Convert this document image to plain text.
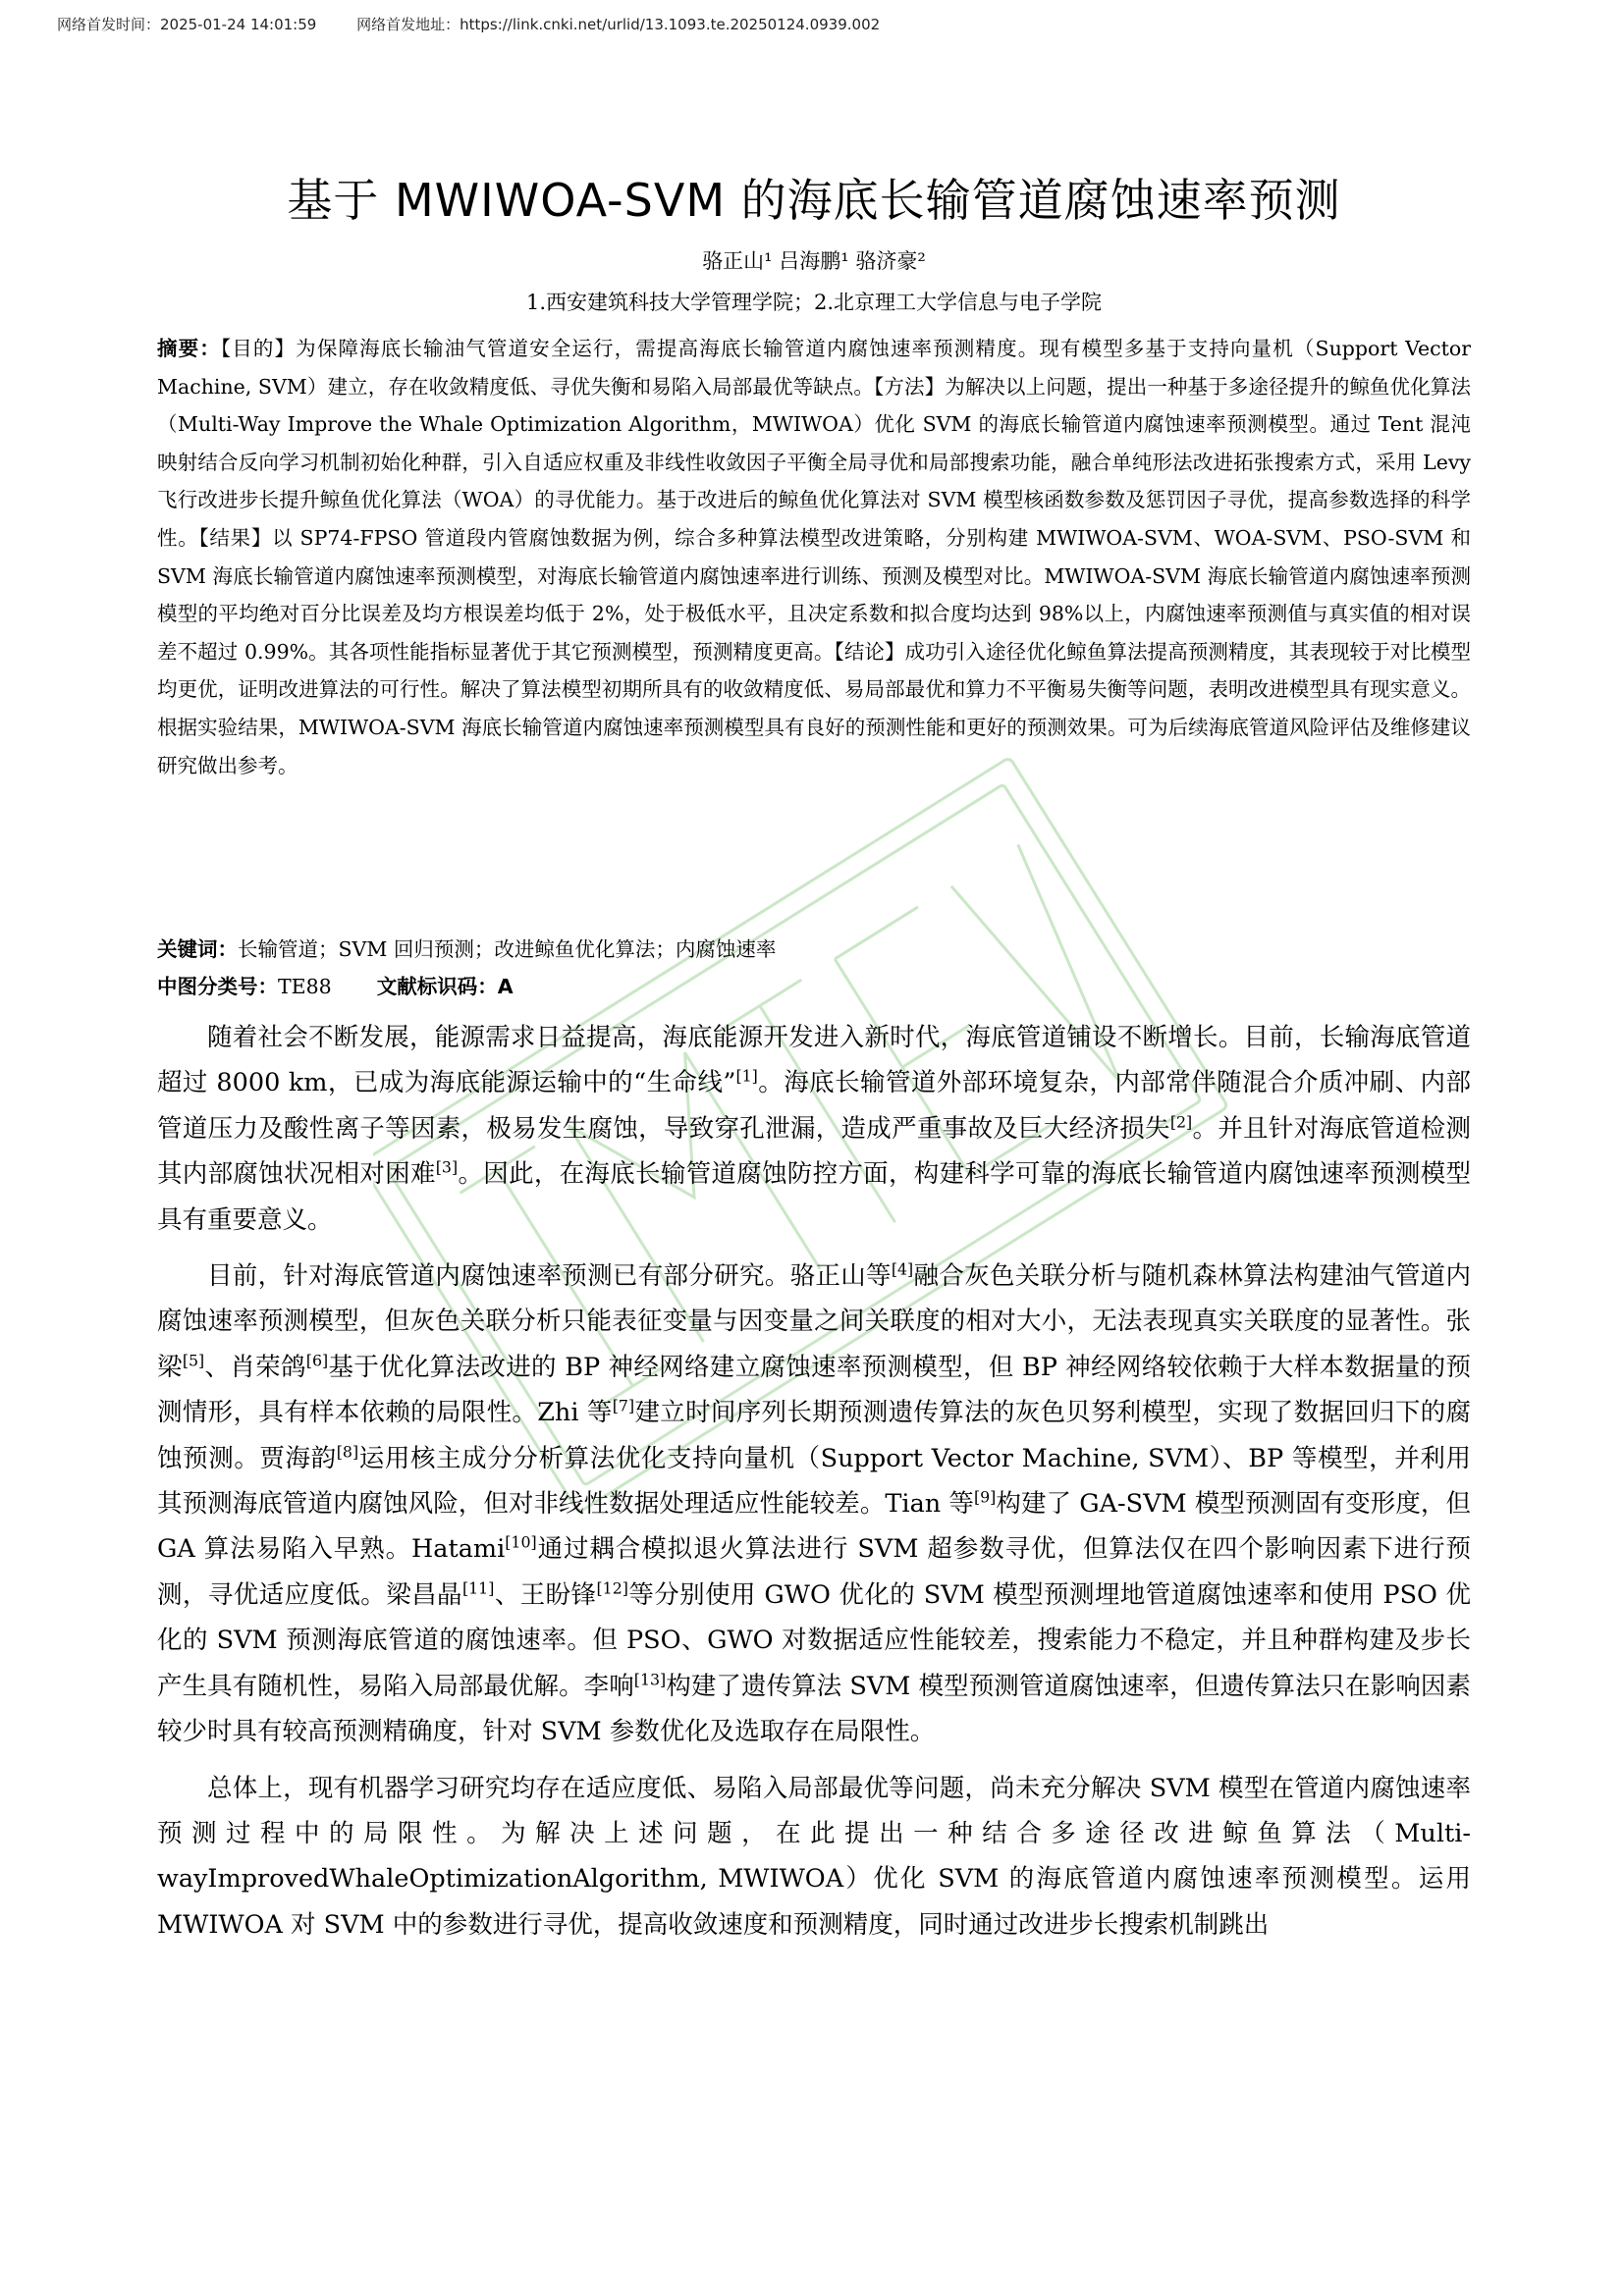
网络首发时间：2025-01-24 14:01:59	网络首发地址：https://link.cnki.net/urlid/13.1093.te.20250124.0939.002
基于 MWIWOA-SVM 的海底长输管道腐蚀速率预测
骆正山¹ 吕海鹏¹ 骆济豪²
1.西安建筑科技大学管理学院；2.北京理工大学信息与电子学院
摘要：【目的】为保障海底长输油气管道安全运行，需提高海底长输管道内腐蚀速率预测精度。现有模型多基于支持向量机（Support Vector Machine, SVM）建立，存在收敛精度低、寻优失衡和易陷入局部最优等缺点。【方法】为解决以上问题，提出一种基于多途径提升的鲸鱼优化算法（Multi-Way Improve the Whale Optimization Algorithm，MWIWOA）优化 SVM 的海底长输管道内腐蚀速率预测模型。通过 Tent 混沌映射结合反向学习机制初始化种群，引入自适应权重及非线性收敛因子平衡全局寻优和局部搜索功能，融合单纯形法改进拓张搜索方式，采用 Levy 飞行改进步长提升鲸鱼优化算法（WOA）的寻优能力。基于改进后的鲸鱼优化算法对 SVM 模型核函数参数及惩罚因子寻优，提高参数选择的科学性。【结果】以 SP74-FPSO 管道段内管腐蚀数据为例，综合多种算法模型改进策略，分别构建 MWIWOA-SVM、WOA-SVM、PSO-SVM 和 SVM 海底长输管道内腐蚀速率预测模型，对海底长输管道内腐蚀速率进行训练、预测及模型对比。MWIWOA-SVM 海底长输管道内腐蚀速率预测模型的平均绝对百分比误差及均方根误差均低于 2%，处于极低水平，且决定系数和拟合度均达到 98%以上，内腐蚀速率预测值与真实值的相对误差不超过 0.99%。其各项性能指标显著优于其它预测模型，预测精度更高。【结论】成功引入途径优化鲸鱼算法提高预测精度，其表现较于对比模型均更优，证明改进算法的可行性。解决了算法模型初期所具有的收敛精度低、易局部最优和算力不平衡易失衡等问题，表明改进模型具有现实意义。根据实验结果，MWIWOA-SVM 海底长输管道内腐蚀速率预测模型具有良好的预测性能和更好的预测效果。可为后续海底管道风险评估及维修建议研究做出参考。
关键词：长输管道；SVM 回归预测；改进鲸鱼优化算法；内腐蚀速率
中图分类号：TE88 文献标识码：A

随着社会不断发展，能源需求日益提高，海底能源开发进入新时代，海底管道铺设不断增长。目前，长输海底管道超过 8000 km，已成为海底能源运输中的“生命线”[1]。海底长输管道外部环境复杂，内部常伴随混合介质冲刷、内部管道压力及酸性离子等因素，极易发生腐蚀，导致穿孔泄漏，造成严重事故及巨大经济损失[2]。并且针对海底管道检测其内部腐蚀状况相对困难[3]。因此，在海底长输管道腐蚀防控方面，构建科学可靠的海底长输管道内腐蚀速率预测模型具有重要意义。

目前，针对海底管道内腐蚀速率预测已有部分研究。骆正山等[4]融合灰色关联分析与随机森林算法构建油气管道内腐蚀速率预测模型，但灰色关联分析只能表征变量与因变量之间关联度的相对大小，无法表现真实关联度的显著性。张梁[5]、肖荣鸽[6]基于优化算法改进的 BP 神经网络建立腐蚀速率预测模型，但 BP 神经网络较依赖于大样本数据量的预测情形，具有样本依赖的局限性。Zhi 等[7]建立时间序列长期预测遗传算法的灰色贝努利模型，实现了数据回归下的腐蚀预测。贾海韵[8]运用核主成分分析算法优化支持向量机（Support Vector Machine, SVM）、BP 等模型，并利用其预测海底管道内腐蚀风险，但对非线性数据处理适应性能较差。Tian 等[9]构建了 GA-SVM 模型预测固有变形度，但 GA 算法易陷入早熟。Hatami[10]通过耦合模拟退火算法进行 SVM 超参数寻优，但算法仅在四个影响因素下进行预测，寻优适应度低。梁昌晶[11]、王盼锋[12]等分别使用 GWO 优化的 SVM 模型预测埋地管道腐蚀速率和使用 PSO 优化的 SVM 预测海底管道的腐蚀速率。但 PSO、GWO 对数据适应性能较差，搜索能力不稳定，并且种群构建及步长产生具有随机性，易陷入局部最优解。李响[13]构建了遗传算法 SVM 模型预测管道腐蚀速率，但遗传算法只在影响因素较少时具有较高预测精确度，针对 SVM 参数优化及选取存在局限性。

总体上，现有机器学习研究均存在适应度低、易陷入局部最优等问题，尚未充分解决 SVM 模型在管道内腐蚀速率预测过程中的局限性。为解决上述问题，在此提出一种结合多途径改进鲸鱼算法（Multi-wayImprovedWhaleOptimizationAlgorithm, MWIWOA）优化 SVM 的海底管道内腐蚀速率预测模型。运用 MWIWOA 对 SVM 中的参数进行寻优，提高收敛速度和预测精度，同时通过改进步长搜索机制跳出
